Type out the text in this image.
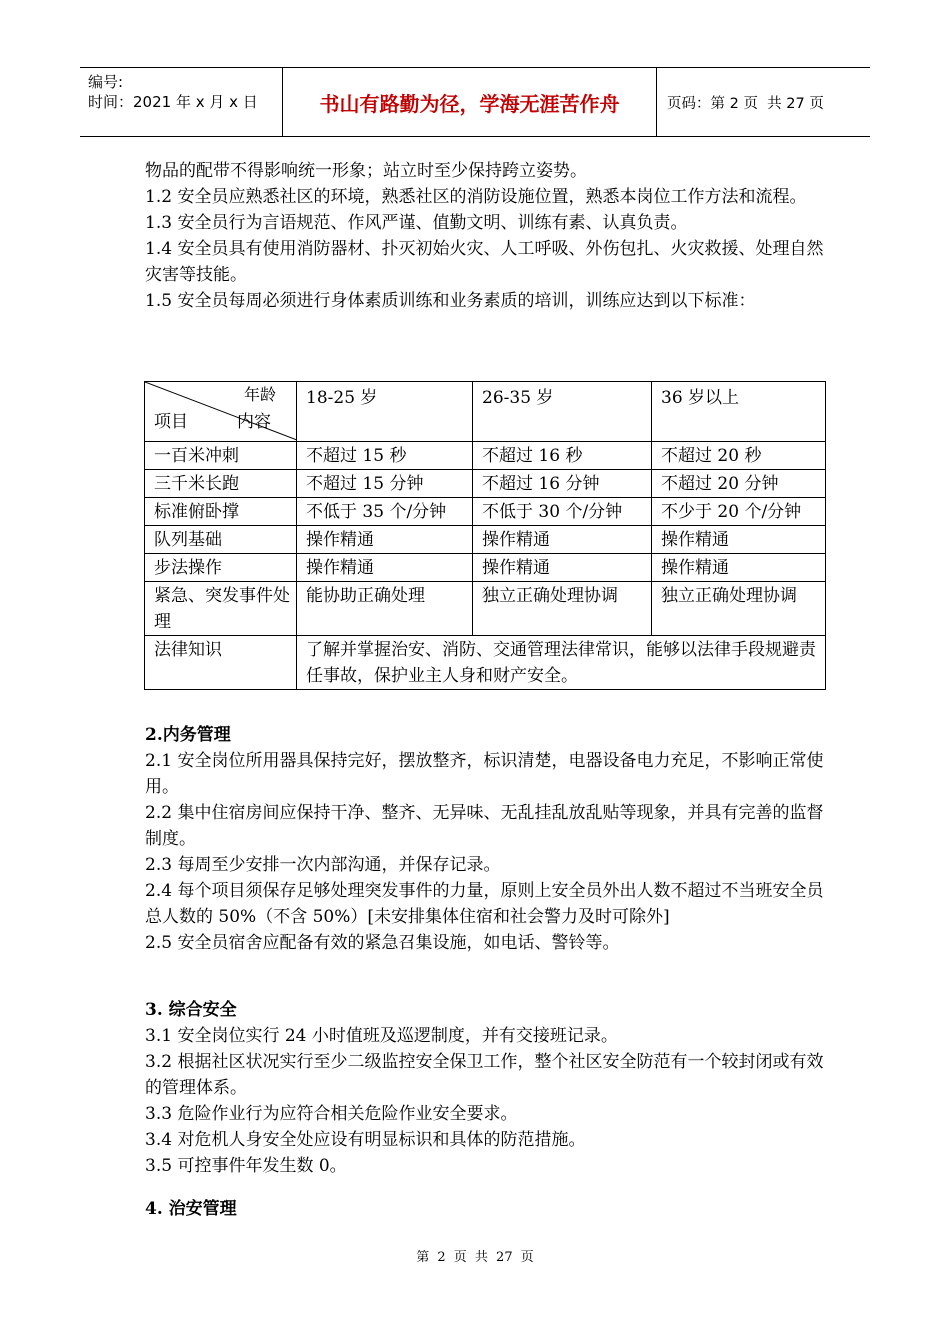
编号:
时间：2021 年 x 月 x 日	书山有路勤为径，学海无涯苦作舟	页码：第 2 页  共 27 页

物品的配带不得影响统一形象；站立时至少保持跨立姿势。

1.2 安全员应熟悉社区的环境，熟悉社区的消防设施位置，熟悉本岗位工作方法和流程。

1.3 安全员行为言语规范、作风严谨、值勤文明、训练有素、认真负责。

1.4 安全员具有使用消防器材、扑灭初始火灾、人工呼吸、外伤包扎、火灾救援、处理自然灾害等技能。

1.5 安全员每周必须进行身体素质训练和业务素质的培训，训练应达到以下标准：

年龄
项目 内容	18-25 岁	26-35 岁	36 岁以上
一百米冲刺	不超过 15 秒	不超过 16 秒	不超过 20 秒
三千米长跑	不超过 15 分钟	不超过 16 分钟	不超过 20 分钟
标准俯卧撑	不低于 35 个/分钟	不低于 30 个/分钟	不少于 20 个/分钟
队列基础	操作精通	操作精通	操作精通
步法操作	操作精通	操作精通	操作精通
紧急、突发事件处理	能协助正确处理	独立正确处理协调	独立正确处理协调
法律知识	了解并掌握治安、消防、交通管理法律常识，能够以法律手段规避责任事故，保护业主人身和财产安全。		

2.内务管理

2.1 安全岗位所用器具保持完好，摆放整齐，标识清楚，电器设备电力充足，不影响正常使用。

2.2 集中住宿房间应保持干净、整齐、无异味、无乱挂乱放乱贴等现象，并具有完善的监督制度。

2.3 每周至少安排一次内部沟通，并保存记录。

2.4 每个项目须保存足够处理突发事件的力量，原则上安全员外出人数不超过不当班安全员总人数的 50%（不含 50%）[未安排集体住宿和社会警力及时可除外]

2.5 安全员宿舍应配备有效的紧急召集设施，如电话、警铃等。

3. 综合安全

3.1 安全岗位实行 24 小时值班及巡逻制度，并有交接班记录。

3.2 根据社区状况实行至少二级监控安全保卫工作，整个社区安全防范有一个较封闭或有效的管理体系。

3.3 危险作业行为应符合相关危险作业安全要求。

3.4 对危机人身安全处应设有明显标识和具体的防范措施。

3.5 可控事件年发生数 0。

4. 治安管理

第 2 页 共 27 页
